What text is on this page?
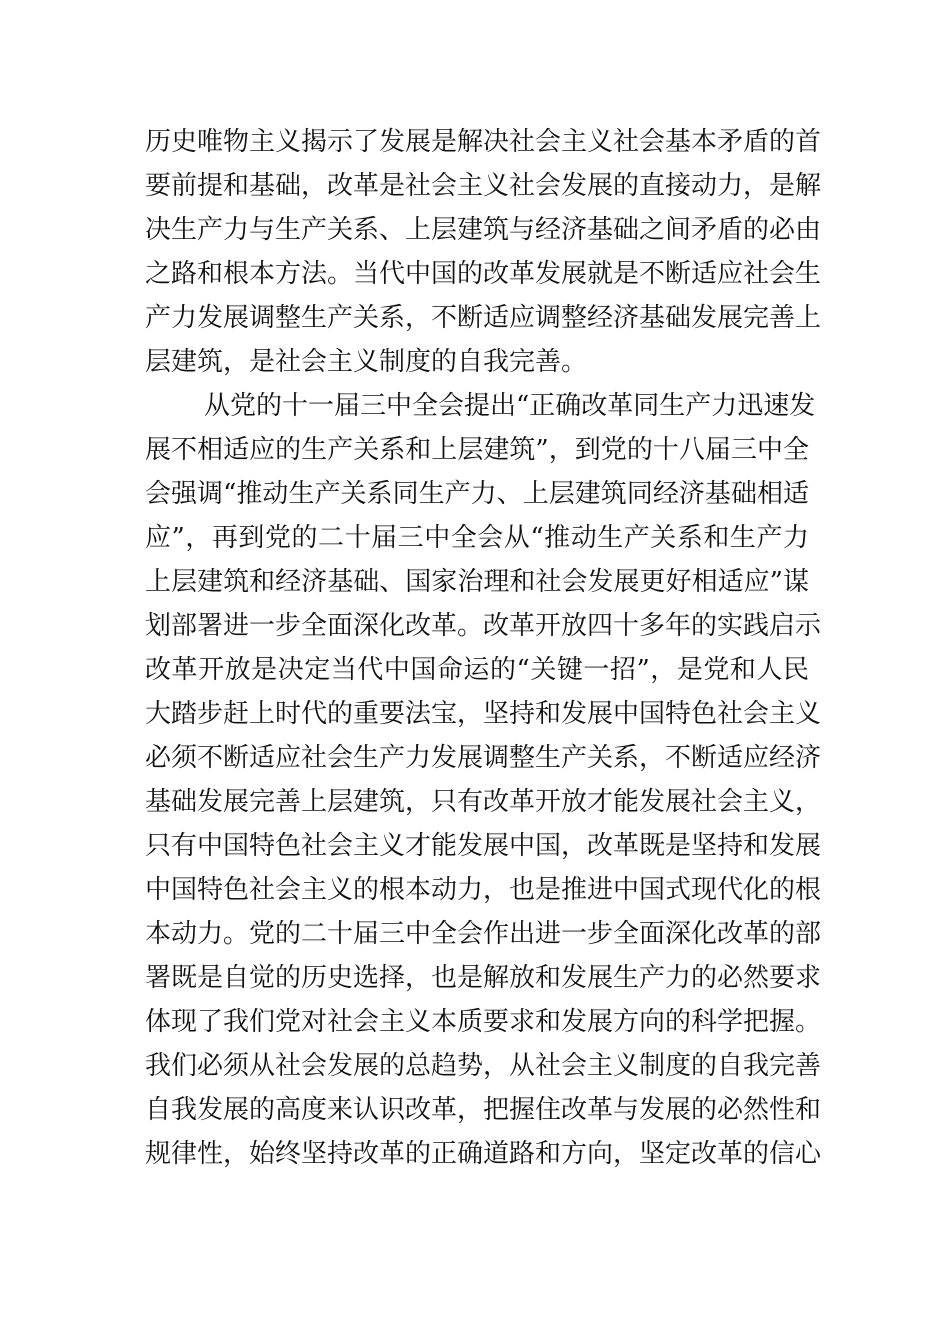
历史唯物主义揭示了发展是解决社会主义社会基本矛盾的首
要前提和基础，改革是社会主义社会发展的直接动力，是解
决生产力与生产关系、上层建筑与经济基础之间矛盾的必由
之路和根本方法。当代中国的改革发展就是不断适应社会生
产力发展调整生产关系，不断适应调整经济基础发展完善上
层建筑，是社会主义制度的自我完善。
从党的十一届三中全会提出“正确改革同生产力迅速发
展不相适应的生产关系和上层建筑”，到党的十八届三中全
会强调“推动生产关系同生产力、上层建筑同经济基础相适
应”，再到党的二十届三中全会从“推动生产关系和生产力
上层建筑和经济基础、国家治理和社会发展更好相适应”谋
划部署进一步全面深化改革。改革开放四十多年的实践启示
改革开放是决定当代中国命运的“关键一招”，是党和人民
大踏步赶上时代的重要法宝，坚持和发展中国特色社会主义
必须不断适应社会生产力发展调整生产关系，不断适应经济
基础发展完善上层建筑，只有改革开放才能发展社会主义，
只有中国特色社会主义才能发展中国，改革既是坚持和发展
中国特色社会主义的根本动力，也是推进中国式现代化的根
本动力。党的二十届三中全会作出进一步全面深化改革的部
署既是自觉的历史选择，也是解放和发展生产力的必然要求
体现了我们党对社会主义本质要求和发展方向的科学把握。
我们必须从社会发展的总趋势，从社会主义制度的自我完善
自我发展的高度来认识改革，把握住改革与发展的必然性和
规律性，始终坚持改革的正确道路和方向，坚定改革的信心
